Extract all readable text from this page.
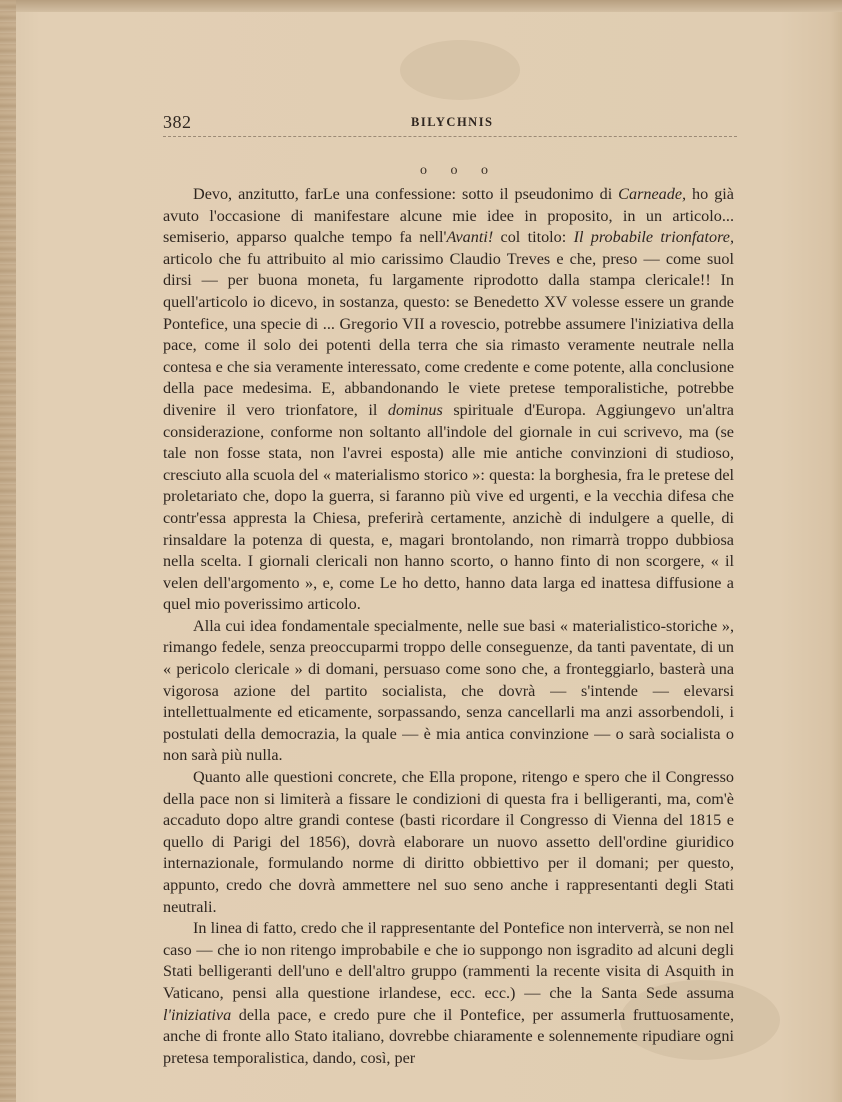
382	BILYCHNIS
o o o

Devo, anzitutto, farLe una confessione: sotto il pseudonimo di Carneade, ho già avuto l'occasione di manifestare alcune mie idee in proposito, in un articolo... semiserio, apparso qualche tempo fa nell'Avanti! col titolo: Il probabile trionfatore, articolo che fu attribuito al mio carissimo Claudio Treves e che, preso — come suol dirsi — per buona moneta, fu largamente riprodotto dalla stampa clericale!! In quell'articolo io dicevo, in sostanza, questo: se Benedetto XV volesse essere un grande Pontefice, una specie di ... Gregorio VII a rovescio, potrebbe assumere l'iniziativa della pace, come il solo dei potenti della terra che sia rimasto veramente neutrale nella contesa e che sia veramente interessato, come credente e come potente, alla conclusione della pace medesima. E, abbandonando le viete pretese temporalistiche, potrebbe divenire il vero trionfatore, il dominus spirituale d'Europa. Aggiungevo un'altra considerazione, conforme non soltanto all'indole del giornale in cui scrivevo, ma (se tale non fosse stata, non l'avrei esposta) alle mie antiche convinzioni di studioso, cresciuto alla scuola del « materialismo storico »: questa: la borghesia, fra le pretese del proletariato che, dopo la guerra, si faranno più vive ed urgenti, e la vecchia difesa che contr'essa appresta la Chiesa, preferirà certamente, anzichè di indulgere a quelle, di rinsaldare la potenza di questa, e, magari brontolando, non rimarrà troppo dubbiosa nella scelta. I giornali clericali non hanno scorto, o hanno finto di non scorgere, « il velen dell'argomento », e, come Le ho detto, hanno data larga ed inattesa diffusione a quel mio poverissimo articolo.

Alla cui idea fondamentale specialmente, nelle sue basi « materialistico-storiche », rimango fedele, senza preoccuparmi troppo delle conseguenze, da tanti paventate, di un « pericolo clericale » di domani, persuaso come sono che, a fronteggiarlo, basterà una vigorosa azione del partito socialista, che dovrà — s'intende — elevarsi intellettualmente ed eticamente, sorpassando, senza cancellarli ma anzi assorbendoli, i postulati della democrazia, la quale — è mia antica convinzione — o sarà socialista o non sarà più nulla.

Quanto alle questioni concrete, che Ella propone, ritengo e spero che il Congresso della pace non si limiterà a fissare le condizioni di questa fra i belligeranti, ma, com'è accaduto dopo altre grandi contese (basti ricordare il Congresso di Vienna del 1815 e quello di Parigi del 1856), dovrà elaborare un nuovo assetto dell'ordine giuridico internazionale, formulando norme di diritto obbiettivo per il domani; per questo, appunto, credo che dovrà ammettere nel suo seno anche i rappresentanti degli Stati neutrali.

In linea di fatto, credo che il rappresentante del Pontefice non interverrà, se non nel caso — che io non ritengo improbabile e che io suppongo non isgradito ad alcuni degli Stati belligeranti dell'uno e dell'altro gruppo (rammenti la recente visita di Asquith in Vaticano, pensi alla questione irlandese, ecc. ecc.) — che la Santa Sede assuma l'iniziativa della pace, e credo pure che il Pontefice, per assumerla fruttuosamente, anche di fronte allo Stato italiano, dovrebbe chiaramente e solennemente ripudiare ogni pretesa temporalistica, dando, così, per
